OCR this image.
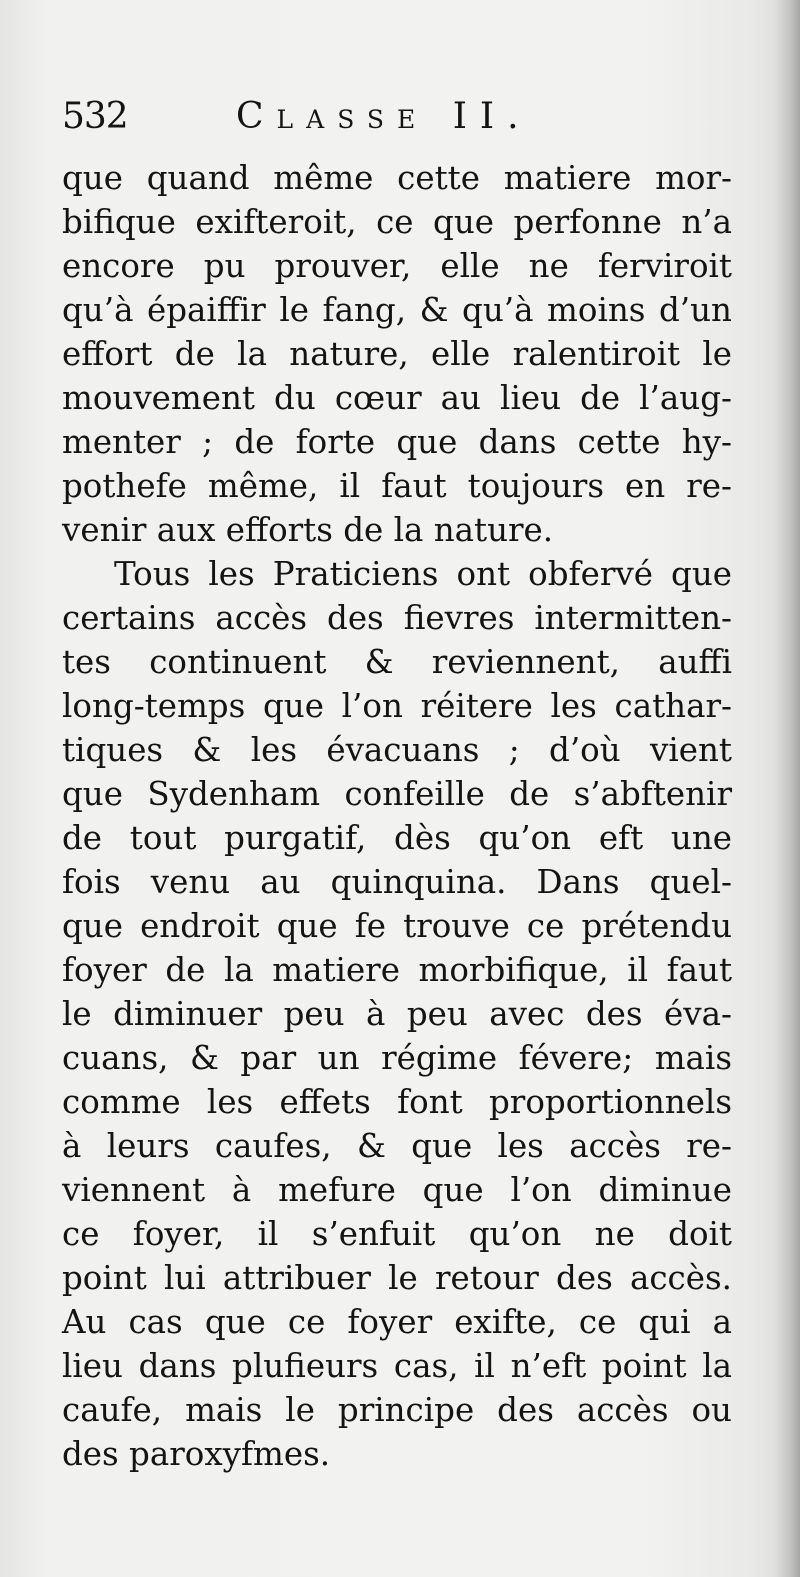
532	Classe II.
que quand même cette matiere mor-
bifique exifteroit, ce que perfonne n’a
encore pu prouver, elle ne ferviroit
qu’à épaiffir le fang, & qu’à moins d’un
effort de la nature, elle ralentiroit le
mouvement du cœur au lieu de l’aug-
menter ; de forte que dans cette hy-
pothefe même, il faut toujours en re-
venir aux efforts de la nature.
Tous les Praticiens ont obfervé que
certains accès des fievres intermitten-
tes continuent & reviennent, auffi
long-temps que l’on réitere les cathar-
tiques & les évacuans ; d’où vient
que Sydenham confeille de s’abftenir
de tout purgatif, dès qu’on eft une
fois venu au quinquina. Dans quel-
que endroit que fe trouve ce prétendu
foyer de la matiere morbifique, il faut
le diminuer peu à peu avec des éva-
cuans, & par un régime févere; mais
comme les effets font proportionnels
à leurs caufes, & que les accès re-
viennent à mefure que l’on diminue
ce foyer, il s’enfuit qu’on ne doit
point lui attribuer le retour des accès.
Au cas que ce foyer exifte, ce qui a
lieu dans plufieurs cas, il n’eft point la
caufe, mais le principe des accès ou
des paroxyfmes.
